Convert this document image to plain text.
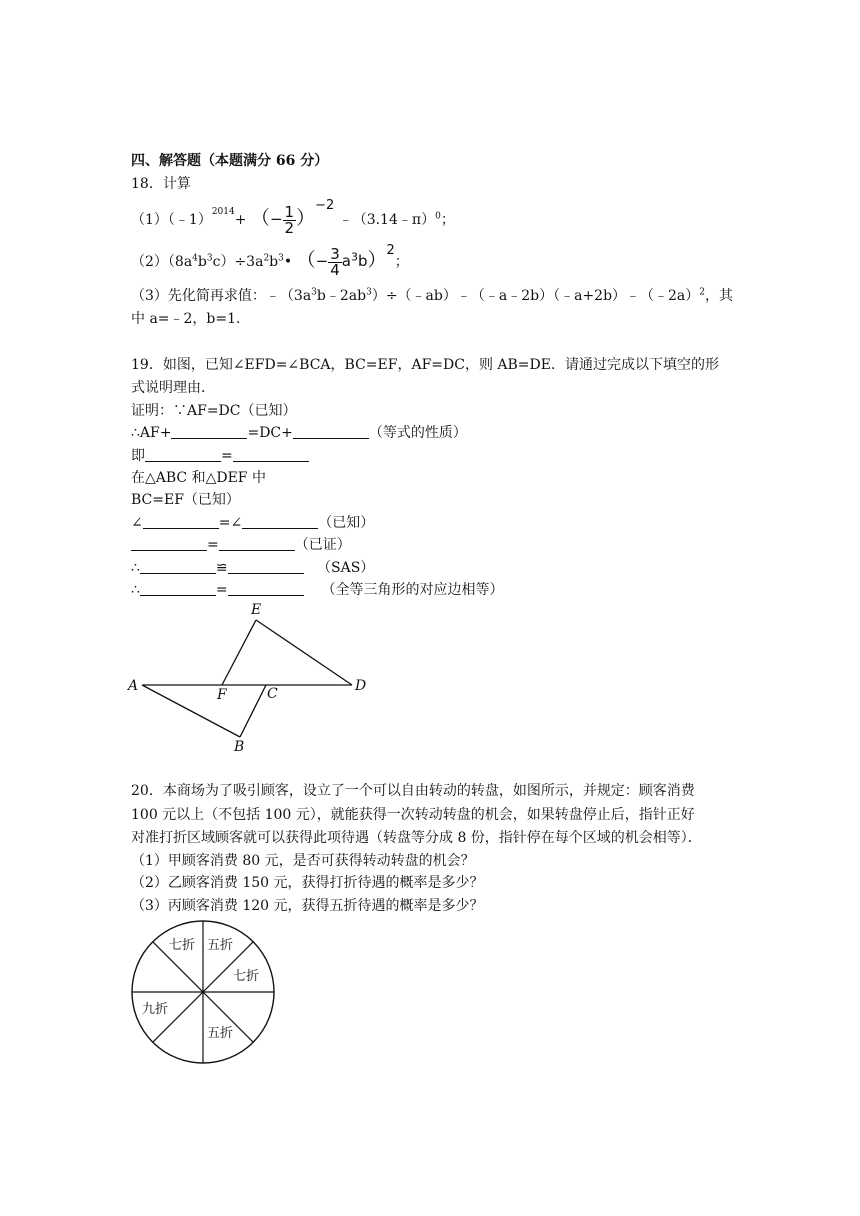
四、解答题（本题满分 66 分）
18．计算
（1）（﹣1）$^{2014}$+ （− $\frac{1}{2} )^{-2}$ ﹣（3.14﹣π）$^0$；
$(2)(8a^4b^3c)\div 3a^2b^3•$ （− $\frac{3}{4} a^3b)^2$；
（3）先化简再求值：$﹣(3a^3b﹣2ab^3)\div(﹣ab)﹣(﹣a﹣2b)(﹣a+2b)﹣(﹣2a)^2$，其
中 a=﹣2，b=1．
19．如图，已知∠EFD=∠BCA，BC=EF，AF=DC，则 AB=DE．请通过完成以下填空的形
式说明理由．
证明：∵AF=DC（已知）
∴AF+	=DC+	（等式的性质）
即	=
在△ABC 和△DEF 中
BC=EF（已知）
∠	=∠	（已知）
=	（已证）
∴	≌	（SAS）
∴	=	（全等三角形的对应边相等）
A
B
C	D
E
F
20．本商场为了吸引顾客，设立了一个可以自由转动的转盘，如图所示，并规定：顾客消费
100 元以上（不包括 100 元），就能获得一次转动转盘的机会，如果转盘停止后，指针正好
对准打折区域顾客就可以获得此项待遇（转盘等分成 8 份，指针停在每个区域的机会相等）．
（1）甲顾客消费 80 元，是否可获得转动转盘的机会？
（2）乙顾客消费 150 元，获得打折待遇的概率是多少？
（3）丙顾客消费 120 元，获得五折待遇的概率是多少？
七折 五折
七折
九折
五折
